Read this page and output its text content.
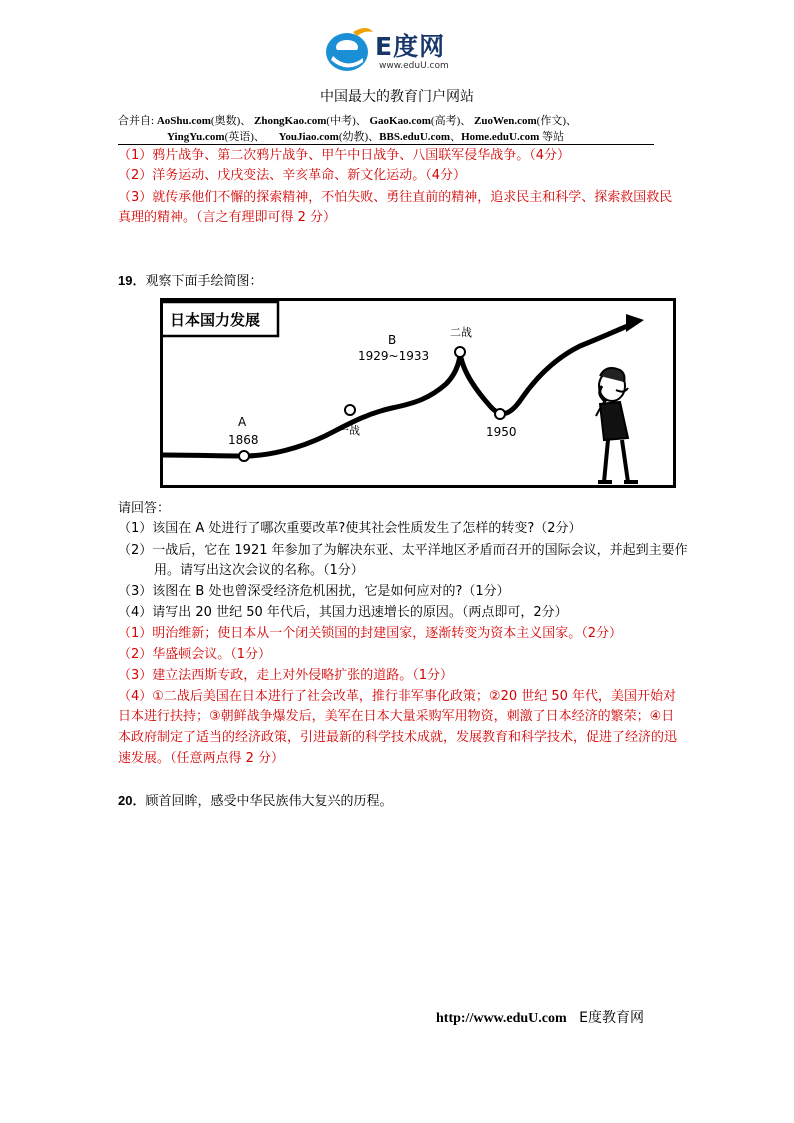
E度网
www.eduU.com
中国最大的教育门户网站
合并自: AoShu.com(奥数)、 ZhongKao.com(中考)、 GaoKao.com(高考)、 ZuoWen.com(作文)、
YingYu.com(英语)、     YouJiao.com(幼教)、BBS.eduU.com、Home.eduU.com 等站
（1）鸦片战争、第二次鸦片战争、甲午中日战争、八国联军侵华战争。（4分）
（2）洋务运动、戊戌变法、辛亥革命、新文化运动。（4分）
（3）就传承他们不懈的探索精神，不怕失败、勇往直前的精神，追求民主和科学、探索救国救民
真理的精神。（言之有理即可得 2 分）
19．观察下面手绘简图：
日本国力发展
A
1868
一战
B
1929~1933
二战
1950
请回答：
（1）该国在 A 处进行了哪次重要改革?使其社会性质发生了怎样的转变?（2分）
（2）一战后，它在 1921 年参加了为解决东亚、太平洋地区矛盾而召开的国际会议，并起到主要作
用。请写出这次会议的名称。（1分）
（3）该图在 B 处也曾深受经济危机困扰，它是如何应对的?（1分）
（4）请写出 20 世纪 50 年代后，其国力迅速增长的原因。（两点即可，2分）
（1）明治维新；使日本从一个闭关锁国的封建国家，逐渐转变为资本主义国家。（2分）
（2）华盛顿会议。（1分）
（3）建立法西斯专政，走上对外侵略扩张的道路。（1分）
（4）①二战后美国在日本进行了社会改革，推行非军事化政策；②20 世纪 50 年代，美国开始对
日本进行扶持；③朝鲜战争爆发后，美军在日本大量采购军用物资，刺激了日本经济的繁荣；④日
本政府制定了适当的经济政策，引进最新的科学技术成就，发展教育和科学技术，促进了经济的迅
速发展。（任意两点得 2 分）
20．顾首回眸，感受中华民族伟大复兴的历程。
http://www.eduU.com E度教育网
